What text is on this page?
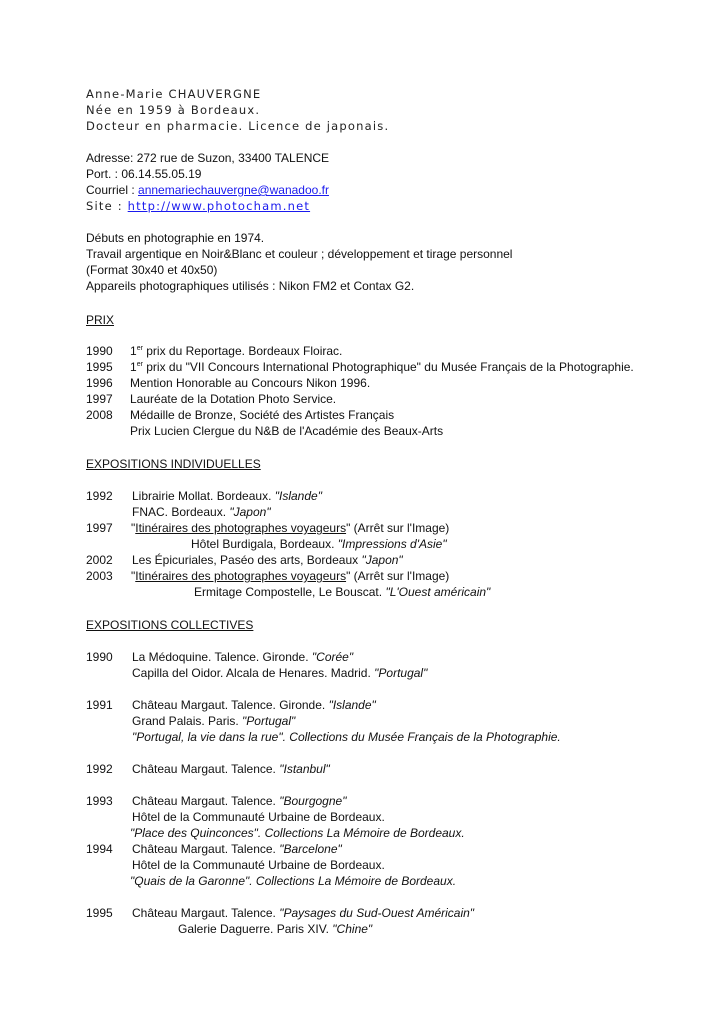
Anne-Marie CHAUVERGNE

Née en 1959 à Bordeaux.

Docteur en pharmacie. Licence de japonais.

Adresse: 272 rue de Suzon, 33400 TALENCE

Port. : 06.14.55.05.19

Courriel : annemariechauvergne@wanadoo.fr

Site : http://www.photocham.net

Débuts en photographie en 1974.

Travail argentique en Noir&Blanc et couleur ; développement et tirage personnel

(Format 30x40 et 40x50)

Appareils photographiques utilisés : Nikon FM2 et Contax G2.

PRIX

1990 1er prix du Reportage. Bordeaux Floirac.

1995 1er prix du "VII Concours International Photographique" du Musée Français de la Photographie.

1996 Mention Honorable au Concours Nikon 1996.

1997 Lauréate de la Dotation Photo Service.

2008 Médaille de Bronze, Société des Artistes Français

Prix Lucien Clergue du N&B de l'Académie des Beaux-Arts

EXPOSITIONS INDIVIDUELLES

1992 Librairie Mollat. Bordeaux. "Islande"

FNAC. Bordeaux. "Japon"

1997 "Itinéraires des photographes voyageurs" (Arrêt sur l'Image)

Hôtel Burdigala, Bordeaux. "Impressions d'Asie"

2002 Les Épicuriales, Paséo des arts, Bordeaux "Japon"

2003 "Itinéraires des photographes voyageurs" (Arrêt sur l'Image)

Ermitage Compostelle, Le Bouscat. "L'Ouest américain"

EXPOSITIONS COLLECTIVES

1990 La Médoquine. Talence. Gironde. "Corée"

Capilla del Oidor. Alcala de Henares. Madrid. "Portugal"

1991 Château Margaut. Talence. Gironde. "Islande"

Grand Palais. Paris. "Portugal"

"Portugal, la vie dans la rue". Collections du Musée Français de la Photographie.

1992 Château Margaut. Talence. "Istanbul"

1993 Château Margaut. Talence. "Bourgogne"

Hôtel de la Communauté Urbaine de Bordeaux.

"Place des Quinconces". Collections La Mémoire de Bordeaux.

1994 Château Margaut. Talence. "Barcelone"

Hôtel de la Communauté Urbaine de Bordeaux.

"Quais de la Garonne". Collections La Mémoire de Bordeaux.

1995 Château Margaut. Talence. "Paysages du Sud-Ouest Américain"

Galerie Daguerre. Paris XIV. "Chine"
